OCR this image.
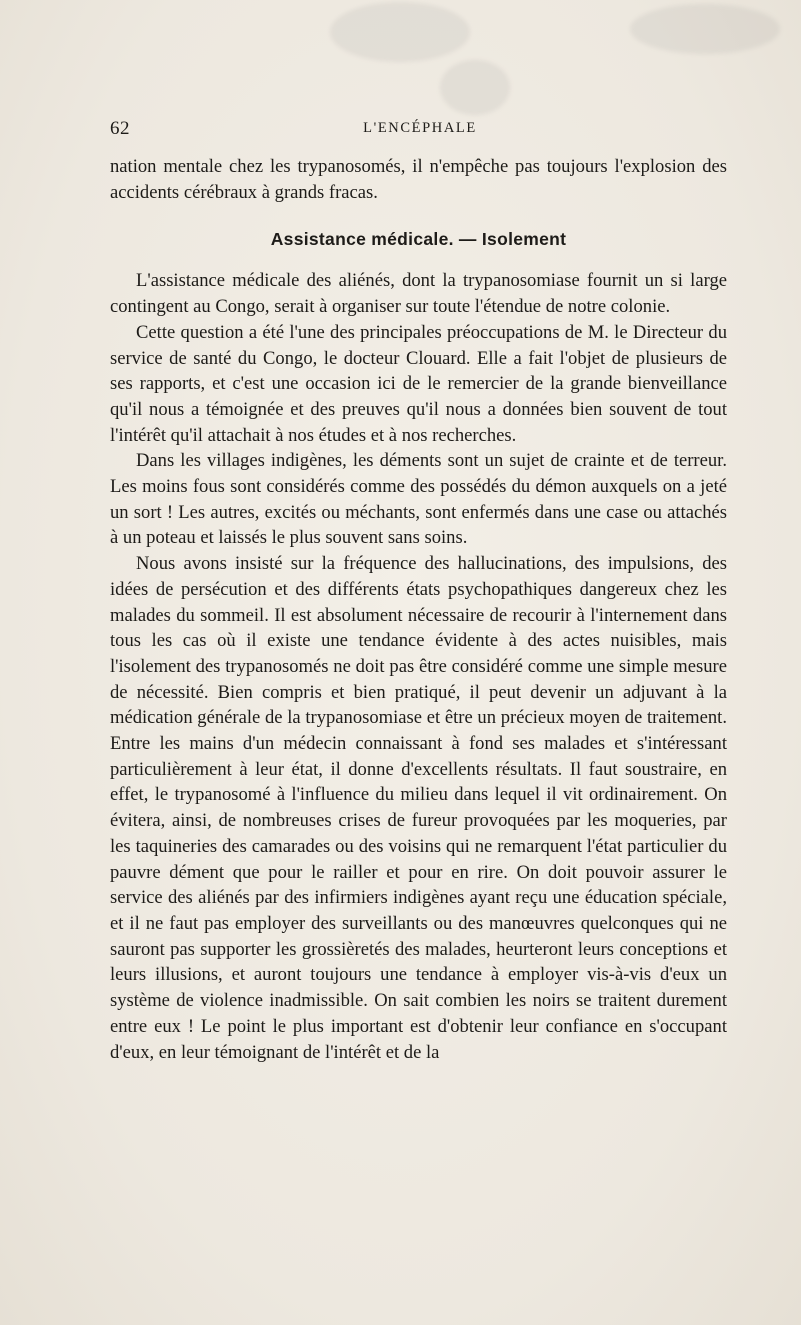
62	L'ENCÉPHALE

nation mentale chez les trypanosomés, il n'empêche pas toujours l'explosion des accidents cérébraux à grands fracas.

Assistance médicale. — Isolement

L'assistance médicale des aliénés, dont la trypanosomiase fournit un si large contingent au Congo, serait à organiser sur toute l'étendue de notre colonie.

Cette question a été l'une des principales préoccupations de M. le Directeur du service de santé du Congo, le docteur Clouard. Elle a fait l'objet de plusieurs de ses rapports, et c'est une occasion ici de le remercier de la grande bienveillance qu'il nous a témoignée et des preuves qu'il nous a données bien souvent de tout l'intérêt qu'il attachait à nos études et à nos recherches.

Dans les villages indigènes, les déments sont un sujet de crainte et de terreur. Les moins fous sont considérés comme des possédés du démon auxquels on a jeté un sort ! Les autres, excités ou méchants, sont enfermés dans une case ou attachés à un poteau et laissés le plus souvent sans soins.

Nous avons insisté sur la fréquence des hallucinations, des impulsions, des idées de persécution et des différents états psychopathiques dangereux chez les malades du sommeil. Il est absolument nécessaire de recourir à l'internement dans tous les cas où il existe une tendance évidente à des actes nuisibles, mais l'isolement des trypanosomés ne doit pas être considéré comme une simple mesure de nécessité. Bien compris et bien pratiqué, il peut devenir un adjuvant à la médication générale de la trypanosomiase et être un précieux moyen de traitement. Entre les mains d'un médecin connaissant à fond ses malades et s'intéressant particulièrement à leur état, il donne d'excellents résultats. Il faut soustraire, en effet, le trypanosomé à l'influence du milieu dans lequel il vit ordinairement. On évitera, ainsi, de nombreuses crises de fureur provoquées par les moqueries, par les taquineries des camarades ou des voisins qui ne remarquent l'état particulier du pauvre dément que pour le railler et pour en rire. On doit pouvoir assurer le service des aliénés par des infirmiers indigènes ayant reçu une éducation spéciale, et il ne faut pas employer des surveillants ou des manœuvres quelconques qui ne sauront pas supporter les grossièretés des malades, heurteront leurs conceptions et leurs illusions, et auront toujours une tendance à employer vis-à-vis d'eux un système de violence inadmissible. On sait combien les noirs se traitent durement entre eux ! Le point le plus important est d'obtenir leur confiance en s'occupant d'eux, en leur témoignant de l'intérêt et de la
